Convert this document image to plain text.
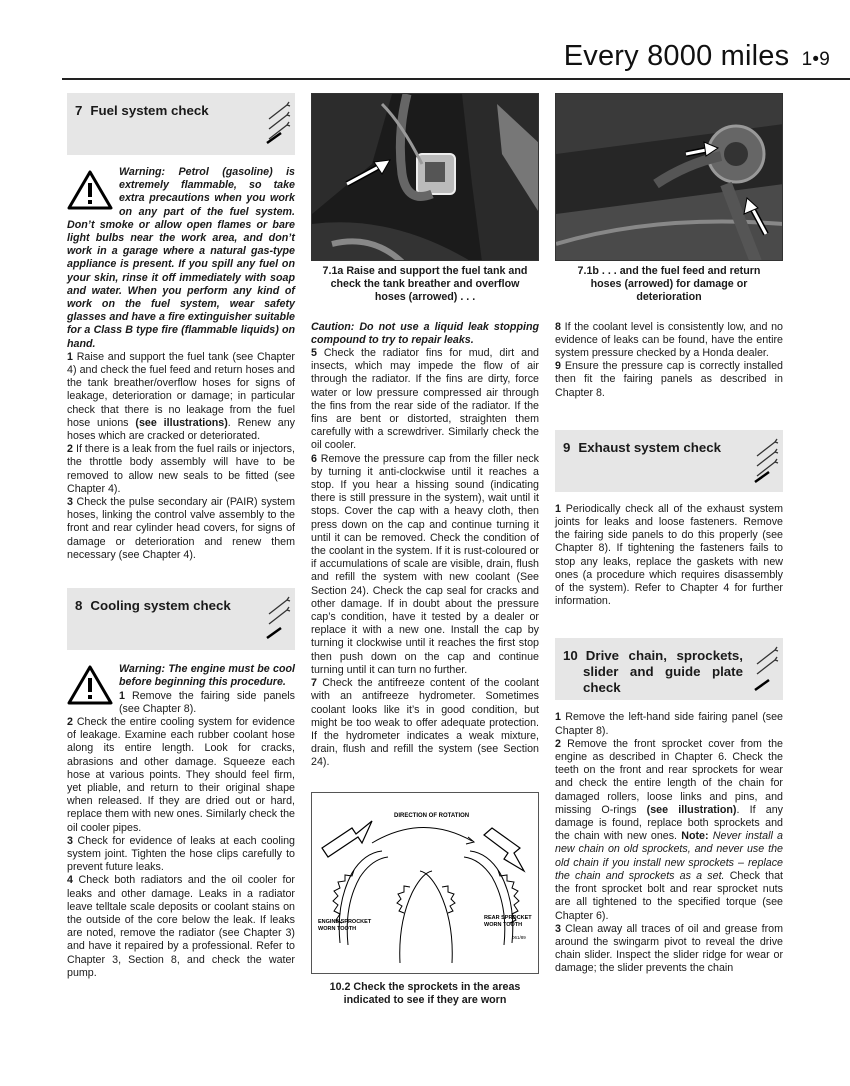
Every 8000 miles 1•9
7 Fuel system check

Warning: Petrol (gasoline) is extremely flammable, so take extra precautions when you work on any part of the fuel system. Don’t smoke or allow open flames or bare light bulbs near the work area, and don’t work in a garage where a natural gas-type appliance is present. If you spill any fuel on your skin, rinse it off immediately with soap and water. When you perform any kind of work on the fuel system, wear safety glasses and have a fire extinguisher suitable for a Class B type fire (flammable liquids) on hand.

1 Raise and support the fuel tank (see Chapter 4) and check the fuel feed and return hoses and the tank breather/overflow hoses for signs of leakage, deterioration or damage; in particular check that there is no leakage from the fuel hose unions (see illustrations). Renew any hoses which are cracked or deteriorated.

2 If there is a leak from the fuel rails or injectors, the throttle body assembly will have to be removed to allow new seals to be fitted (see Chapter 4).

3 Check the pulse secondary air (PAIR) system hoses, linking the control valve assembly to the front and rear cylinder head covers, for signs of damage or deterioration and renew them necessary (see Chapter 4).

8 Cooling system check

Warning: The engine must be cool before beginning this procedure.

1 Remove the fairing side panels (see Chapter 8).

2 Check the entire cooling system for evidence of leakage. Examine each rubber coolant hose along its entire length. Look for cracks, abrasions and other damage. Squeeze each hose at various points. They should feel firm, yet pliable, and return to their original shape when released. If they are dried out or hard, replace them with new ones. Similarly check the oil cooler pipes.

3 Check for evidence of leaks at each cooling system joint. Tighten the hose clips carefully to prevent future leaks.

4 Check both radiators and the oil cooler for leaks and other damage. Leaks in a radiator leave telltale scale deposits or coolant stains on the outside of the core below the leak. If leaks are noted, remove the radiator (see Chapter 3) and have it repaired by a professional. Refer to Chapter 3, Section 8, and check the water pump.

7.1a Raise and support the fuel tank and check the tank breather and overflow hoses (arrowed) . . .

Caution: Do not use a liquid leak stopping compound to try to repair leaks.

5 Check the radiator fins for mud, dirt and insects, which may impede the flow of air through the radiator. If the fins are dirty, force water or low pressure compressed air through the fins from the rear side of the radiator. If the fins are bent or distorted, straighten them carefully with a screwdriver. Similarly check the oil cooler.

6 Remove the pressure cap from the filler neck by turning it anti-clockwise until it reaches a stop. If you hear a hissing sound (indicating there is still pressure in the system), wait until it stops. Cover the cap with a heavy cloth, then press down on the cap and continue turning it until it can be removed. Check the condition of the coolant in the system. If it is rust-coloured or if accumulations of scale are visible, drain, flush and refill the system with new coolant (See Section 24). Check the cap seal for cracks and other damage. If in doubt about the pressure cap’s condition, have it tested by a dealer or replace it with a new one. Install the cap by turning it clockwise until it reaches the first stop then push down on the cap and continue turning until it can turn no further.

7 Check the antifreeze content of the coolant with an antifreeze hydrometer. Sometimes coolant looks like it’s in good condition, but might be too weak to offer adequate protection. If the hydrometer indicates a weak mixture, drain, flush and refill the system (see Section 24).

DIRECTION OF ROTATION
ENGINE SPROCKET
WORN TOOTH
REAR SPROCKET
WORN TOOTH
061/89
10.2 Check the sprockets in the areas indicated to see if they are worn
7.1b . . . and the fuel feed and return hoses (arrowed) for damage or deterioration

8 If the coolant level is consistently low, and no evidence of leaks can be found, have the entire system pressure checked by a Honda dealer.

9 Ensure the pressure cap is correctly installed then fit the fairing panels as described in Chapter 8.

9 Exhaust system check

1 Periodically check all of the exhaust system joints for leaks and loose fasteners. Remove the fairing side panels to do this properly (see Chapter 8). If tightening the fasteners fails to stop any leaks, replace the gaskets with new ones (a procedure which requires disassembly of the system). Refer to Chapter 4 for further information.

10 Drive chain, sprockets, slider and guide plate check

1 Remove the left-hand side fairing panel (see Chapter 8).

2 Remove the front sprocket cover from the engine as described in Chapter 6. Check the teeth on the front and rear sprockets for wear and check the entire length of the chain for damaged rollers, loose links and pins, and missing O-rings (see illustration). If any damage is found, replace both sprockets and the chain with new ones. Note: Never install a new chain on old sprockets, and never use the old chain if you install new sprockets – replace the chain and sprockets as a set. Check that the front sprocket bolt and rear sprocket nuts are all tightened to the specified torque (see Chapter 6).

3 Clean away all traces of oil and grease from around the swingarm pivot to reveal the drive chain slider. Inspect the slider ridge for wear or damage; the slider prevents the chain
